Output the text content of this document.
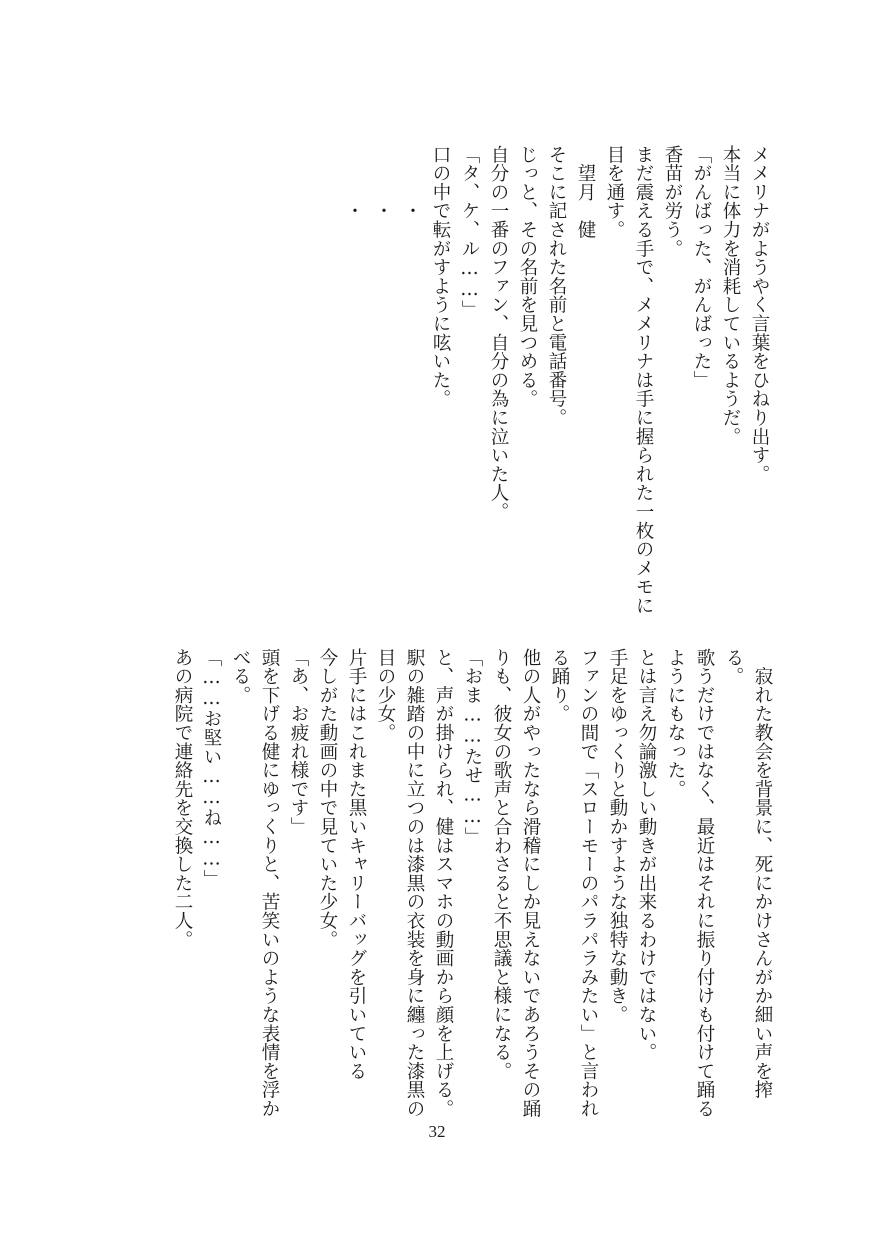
メメリナがようやく言葉をひねり出す。
本当に体力を消耗しているようだ。
「がんばった、がんばった」
香苗が労う。
まだ震える手で、メメリナは手に握られた一枚のメモに
目を通す。
　望月　健
そこに記された名前と電話番号。
じっと、その名前を見つめる。
自分の一番のファン、自分の為に泣いた人。
「タ、ケ、ル……」
口の中で転がすように呟いた。
　　　・
　　　・
　　　・
　寂れた教会を背景に、死にかけさんがか細い声を搾
る。
歌うだけではなく、最近はそれに振り付けも付けて踊る
ようにもなった。
とは言え勿論激しい動きが出来るわけではない。
手足をゆっくりと動かすような独特な動き。
ファンの間で「スローモーのパラパラみたい」と言われ
る踊り。
他の人がやったなら滑稽にしか見えないであろうその踊
りも、彼女の歌声と合わさると不思議と様になる。
「おま……たせ……」
と、声が掛けられ、健はスマホの動画から顔を上げる。
駅の雑踏の中に立つのは漆黒の衣装を身に纏った漆黒の
目の少女。
片手にはこれまた黒いキャリーバッグを引いている
今しがた動画の中で見ていた少女。
「あ、お疲れ様です」
頭を下げる健にゆっくりと、苦笑いのような表情を浮か
べる。
「……お堅い……ね……」
あの病院で連絡先を交換した二人。
32
